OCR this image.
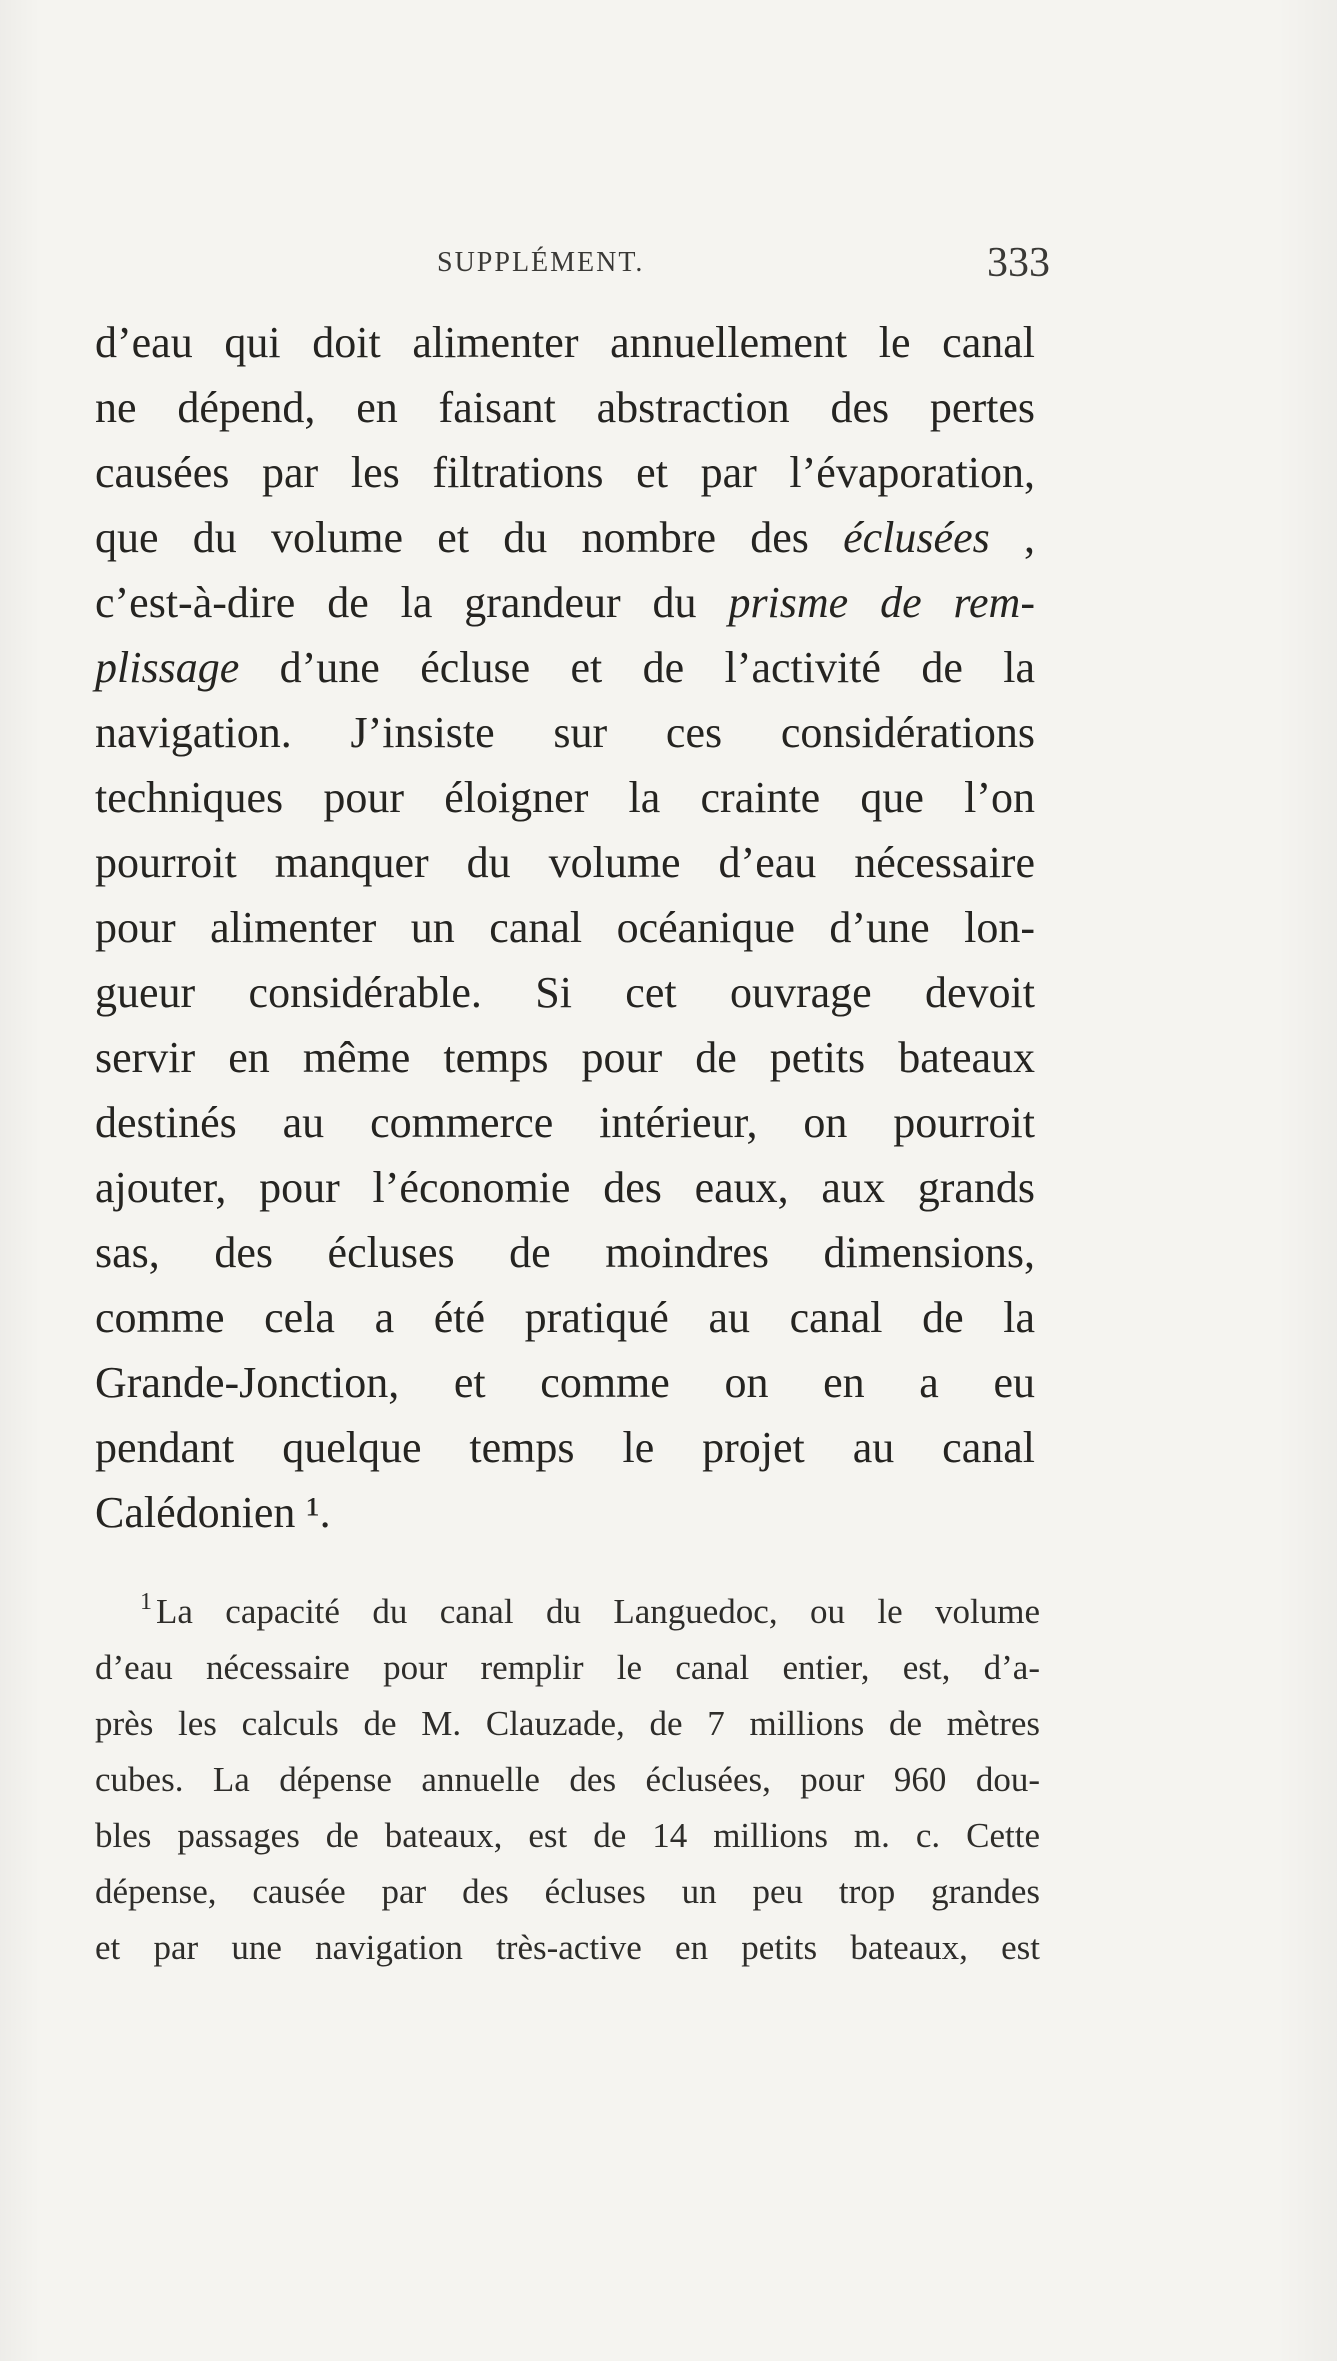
SUPPLÉMENT.	333
d’eau qui doit alimenter annuellement le canal
ne dépend, en faisant abstraction des pertes
causées par les filtrations et par l’évaporation,
que du volume et du nombre des éclusées ,
c’est-à-dire de la grandeur du prisme de rem-
plissage d’une écluse et de l’activité de la
navigation. J’insiste sur ces considérations
techniques pour éloigner la crainte que l’on
pourroit manquer du volume d’eau nécessaire
pour alimenter un canal océanique d’une lon-
gueur considérable. Si cet ouvrage devoit
servir en même temps pour de petits bateaux
destinés au commerce intérieur, on pourroit
ajouter, pour l’économie des eaux, aux grands
sas, des écluses de moindres dimensions,
comme cela a été pratiqué au canal de la
Grande-Jonction, et comme on en a eu
pendant quelque temps le projet au canal
Calédonien ¹.
$^1$ La capacité du canal du Languedoc, ou le volume
d’eau nécessaire pour remplir le canal entier, est, d’a-
près les calculs de M. Clauzade, de 7 millions de mètres
cubes. La dépense annuelle des éclusées, pour 960 dou-
bles passages de bateaux, est de 14 millions m. c. Cette
dépense, causée par des écluses un peu trop grandes
et par une navigation très-active en petits bateaux, est
